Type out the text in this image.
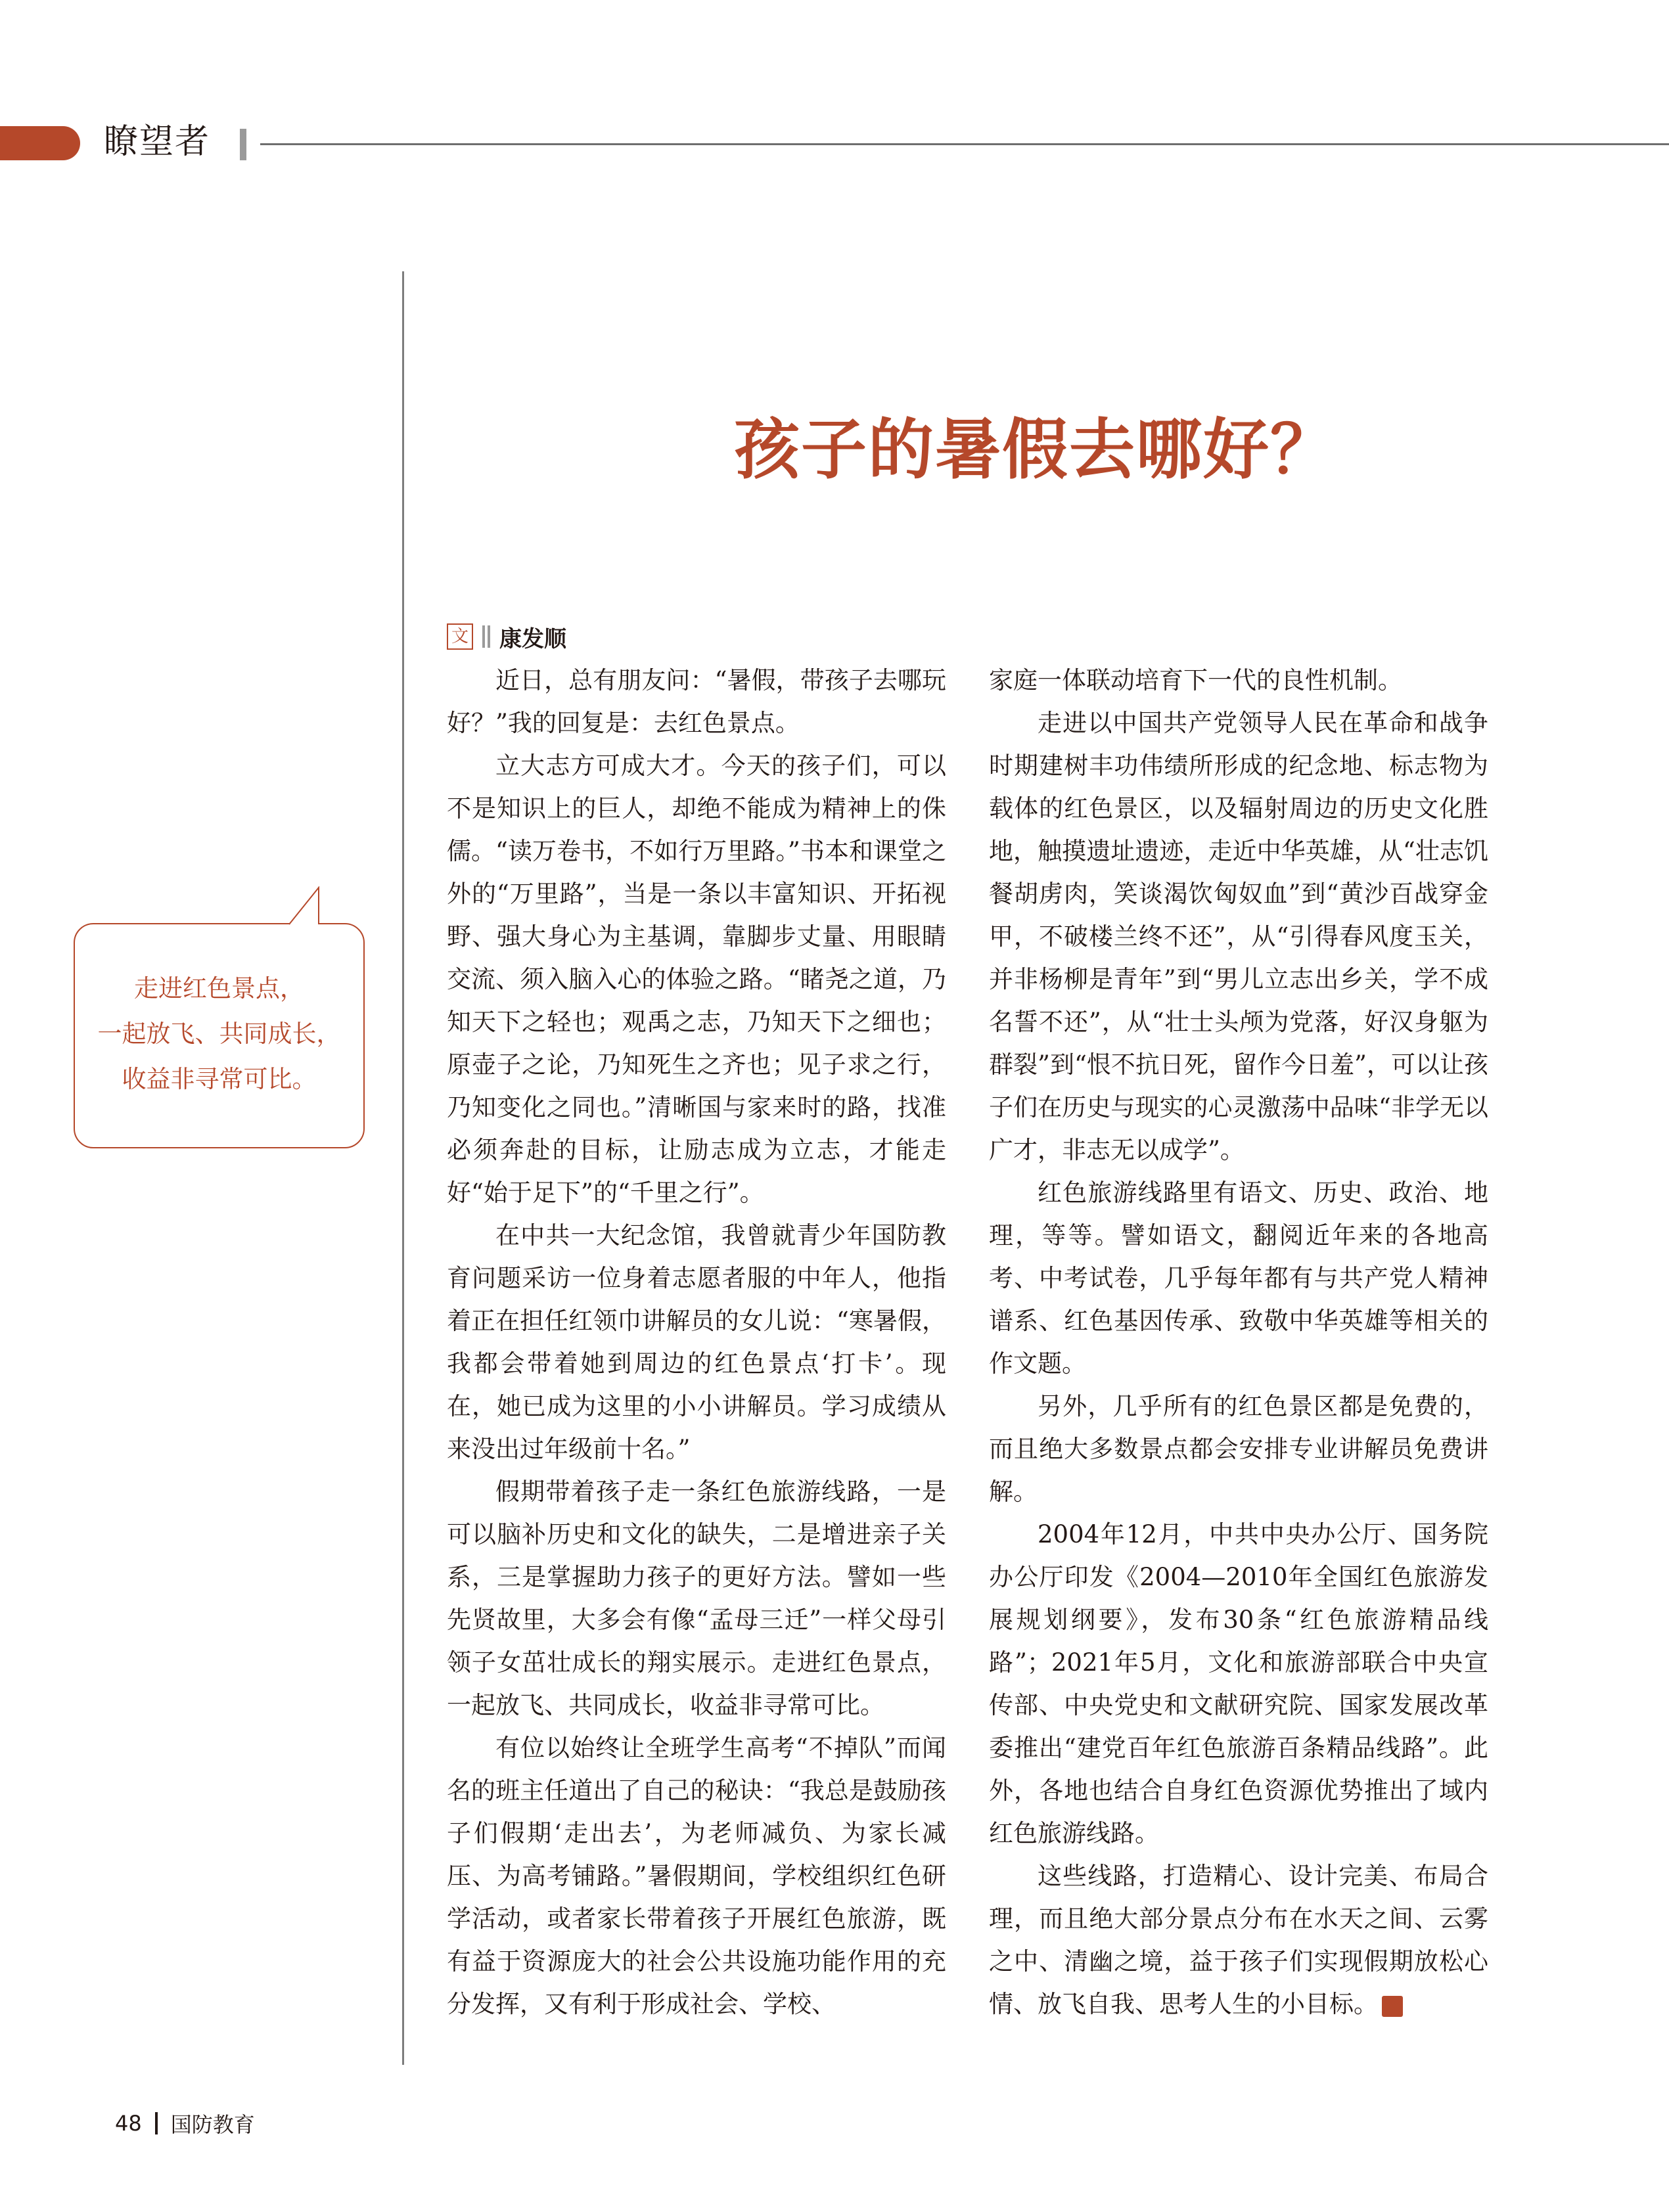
瞭望者
孩子的暑假去哪好？
文 康发顺

近日，总有朋友问：“暑假，带孩子去哪玩好？”我的回复是：去红色景点。

立大志方可成大才。今天的孩子们，可以不是知识上的巨人，却绝不能成为精神上的侏儒。“读万卷书，不如行万里路。”书本和课堂之外的“万里路”，当是一条以丰富知识、开拓视野、强大身心为主基调，靠脚步丈量、用眼睛交流、须入脑入心的体验之路。“睹尧之道，乃知天下之轻也；观禹之志，乃知天下之细也；原壶子之论，乃知死生之齐也；见子求之行，乃知变化之同也。”清晰国与家来时的路，找准必须奔赴的目标，让励志成为立志，才能走好“始于足下”的“千里之行”。

在中共一大纪念馆，我曾就青少年国防教育问题采访一位身着志愿者服的中年人，他指着正在担任红领巾讲解员的女儿说：“寒暑假，我都会带着她到周边的红色景点‘打卡’。现在，她已成为这里的小小讲解员。学习成绩从来没出过年级前十名。”

假期带着孩子走一条红色旅游线路，一是可以脑补历史和文化的缺失，二是增进亲子关系，三是掌握助力孩子的更好方法。譬如一些先贤故里，大多会有像“孟母三迁”一样父母引领子女茁壮成长的翔实展示。走进红色景点，一起放飞、共同成长，收益非寻常可比。

有位以始终让全班学生高考“不掉队”而闻名的班主任道出了自己的秘诀：“我总是鼓励孩子们假期‘走出去’，为老师减负、为家长减压、为高考铺路。”暑假期间，学校组织红色研学活动，或者家长带着孩子开展红色旅游，既有益于资源庞大的社会公共设施功能作用的充分发挥，又有利于形成社会、学校、

家庭一体联动培育下一代的良性机制。

走进以中国共产党领导人民在革命和战争时期建树丰功伟绩所形成的纪念地、标志物为载体的红色景区，以及辐射周边的历史文化胜地，触摸遗址遗迹，走近中华英雄，从“壮志饥餐胡虏肉，笑谈渴饮匈奴血”到“黄沙百战穿金甲，不破楼兰终不还”，从“引得春风度玉关，并非杨柳是青年”到“男儿立志出乡关，学不成名誓不还”，从“壮士头颅为党落，好汉身躯为群裂”到“恨不抗日死，留作今日羞”，可以让孩子们在历史与现实的心灵激荡中品味“非学无以广才，非志无以成学”。

红色旅游线路里有语文、历史、政治、地理，等等。譬如语文，翻阅近年来的各地高考、中考试卷，几乎每年都有与共产党人精神谱系、红色基因传承、致敬中华英雄等相关的作文题。

另外，几乎所有的红色景区都是免费的，而且绝大多数景点都会安排专业讲解员免费讲解。

2004年12月，中共中央办公厅、国务院办公厅印发《2004—2010年全国红色旅游发展规划纲要》，发布30条“红色旅游精品线路”；2021年5月，文化和旅游部联合中央宣传部、中央党史和文献研究院、国家发展改革委推出“建党百年红色旅游百条精品线路”。此外，各地也结合自身红色资源优势推出了域内红色旅游线路。

这些线路，打造精心、设计完美、布局合理，而且绝大部分景点分布在水天之间、云雾之中、清幽之境，益于孩子们实现假期放松心情、放飞自我、思考人生的小目标。	G

走进红色景点，
一起放飞、共同成长，
收益非寻常可比。
48 国防教育
